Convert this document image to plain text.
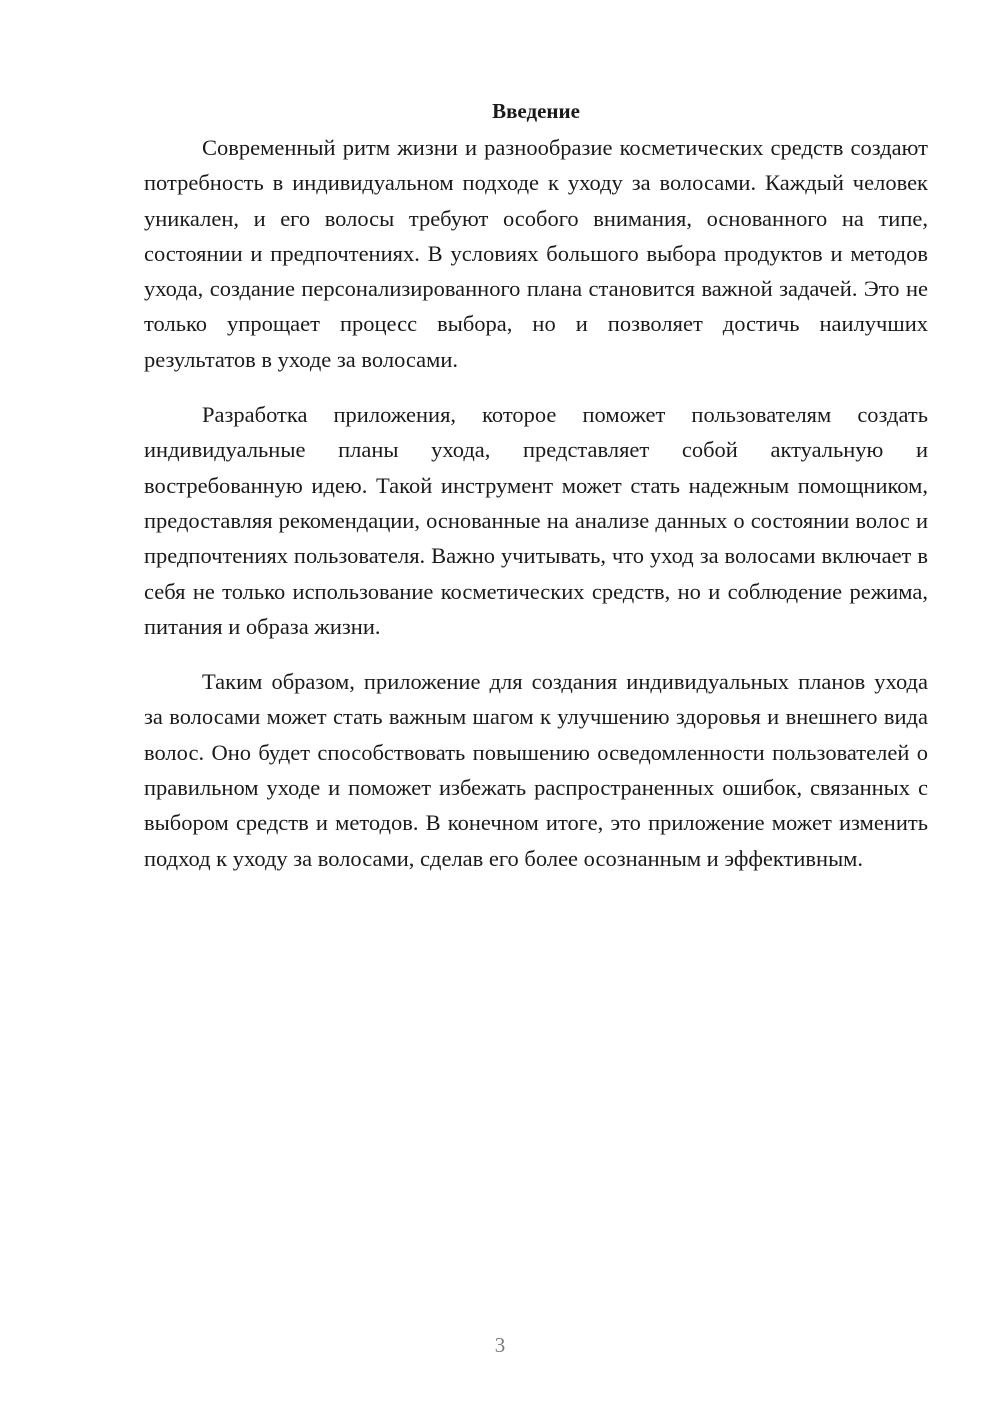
Введение

Современный ритм жизни и разнообразие косметических средств создают потребность в индивидуальном подходе к уходу за волосами. Каждый человек уникален, и его волосы требуют особого внимания, основанного на типе, состоянии и предпочтениях. В условиях большого выбора продуктов и методов ухода, создание персонализированного плана становится важной задачей. Это не только упрощает процесс выбора, но и позволяет достичь наилучших результатов в уходе за волосами.

Разработка приложения, которое поможет пользователям создать индивидуальные планы ухода, представляет собой актуальную и востребованную идею. Такой инструмент может стать надежным помощником, предоставляя рекомендации, основанные на анализе данных о состоянии волос и предпочтениях пользователя. Важно учитывать, что уход за волосами включает в себя не только использование косметических средств, но и соблюдение режима, питания и образа жизни.

Таким образом, приложение для создания индивидуальных планов ухода за волосами может стать важным шагом к улучшению здоровья и внешнего вида волос. Оно будет способствовать повышению осведомленности пользователей о правильном уходе и поможет избежать распространенных ошибок, связанных с выбором средств и методов. В конечном итоге, это приложение может изменить подход к уходу за волосами, сделав его более осознанным и эффективным.

3
